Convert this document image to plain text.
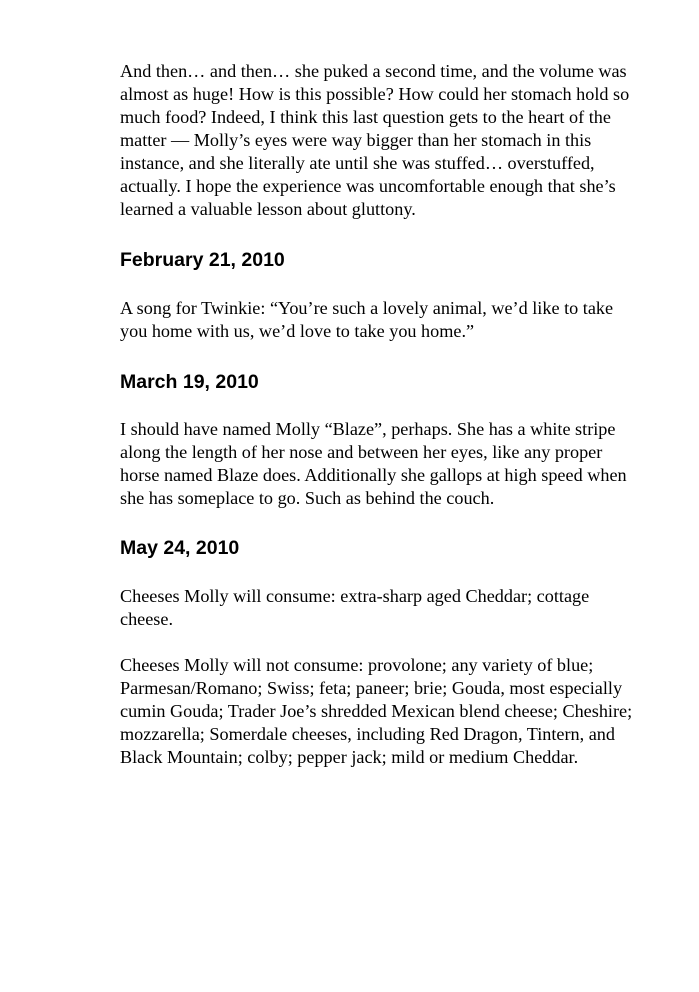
And then… and then… she puked a second time, and the volume was almost as huge! How is this possible? How could her stomach hold so much food? Indeed, I think this last question gets to the heart of the matter — Molly’s eyes were way bigger than her stomach in this instance, and she literally ate until she was stuffed… overstuffed, actually. I hope the experience was uncomfortable enough that she’s learned a valuable lesson about gluttony.

February 21, 2010

A song for Twinkie: “You’re such a lovely animal, we’d like to take you home with us, we’d love to take you home.”

March 19, 2010

I should have named Molly “Blaze”, perhaps. She has a white stripe along the length of her nose and between her eyes, like any proper horse named Blaze does. Additionally she gallops at high speed when she has someplace to go. Such as behind the couch.

May 24, 2010

Cheeses Molly will consume: extra-sharp aged Cheddar; cottage cheese.

Cheeses Molly will not consume: provolone; any variety of blue; Parmesan/Romano; Swiss; feta; paneer; brie; Gouda, most especially cumin Gouda; Trader Joe’s shredded Mexican blend cheese; Cheshire; mozzarella; Somerdale cheeses, including Red Dragon, Tintern, and Black Mountain; colby; pepper jack; mild or medium Cheddar.
